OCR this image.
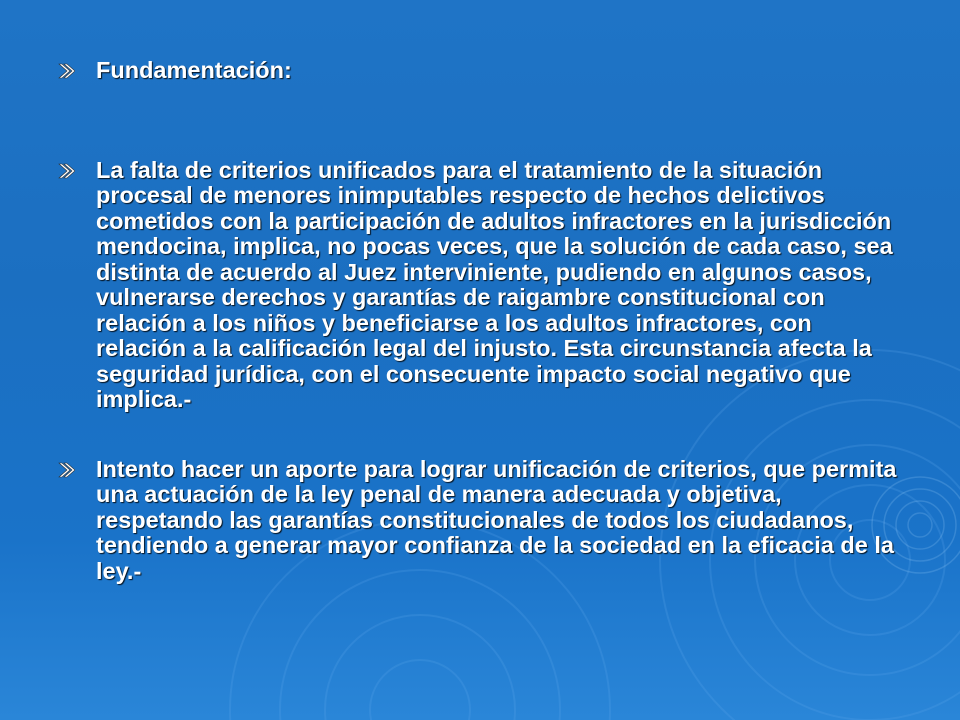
Fundamentación:
La falta de criterios unificados para el tratamiento de la situación procesal de menores inimputables respecto de hechos delictivos cometidos con la participación de adultos infractores en la jurisdicción mendocina, implica, no pocas veces, que la solución de cada caso, sea distinta de acuerdo al Juez interviniente, pudiendo en algunos casos, vulnerarse derechos y garantías de raigambre constitucional con relación a los niños y beneficiarse a los adultos infractores, con relación a la calificación legal del injusto. Esta circunstancia afecta la seguridad jurídica, con el consecuente impacto social negativo que implica.-
Intento hacer un aporte para lograr unificación de criterios, que permita una actuación de la ley penal de manera adecuada y objetiva, respetando las garantías constitucionales de todos los ciudadanos, tendiendo a generar mayor confianza de la sociedad en la eficacia de la ley.-
